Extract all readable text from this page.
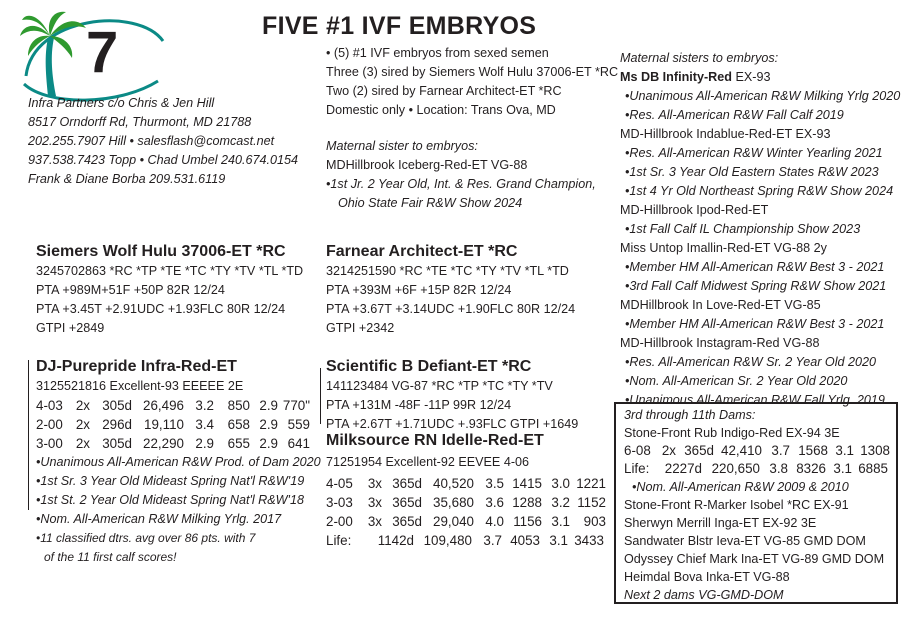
7	FIVE #1 IVF EMBRYOS
Infra Partners c/o Chris & Jen Hill
8517 Orndorff Rd, Thurmont, MD 21788
202.255.7907 Hill • salesflash@comcast.net
937.538.7423 Topp • Chad Umbel 240.674.0154
Frank & Diane Borba 209.531.6119
• (5) #1 IVF embryos from sexed semen
Three (3) sired by Siemers Wolf Hulu 37006-ET *RC
Two (2) sired by Farnear Architect-ET *RC
Domestic only • Location: Trans Ova, MD
Maternal sister to embryos:
MDHillbrook Iceberg-Red-ET VG-88
•1st Jr. 2 Year Old, Int. & Res. Grand Champion,
Ohio State Fair R&W Show 2024
Siemers Wolf Hulu 37006-ET *RC
3245702863 *RC *TP *TE *TC *TY *TV *TL *TD
PTA +989M+51F +50P 82R 12/24
PTA +3.45T +2.91UDC +1.93FLC 80R 12/24
GTPI +2849
Farnear Architect-ET *RC
3214251590 *RC *TE *TC *TY *TV *TL *TD
PTA +393M +6F +15P 82R 12/24
PTA +3.67T +3.14UDC +1.90FLC 80R 12/24
GTPI +2342
DJ-Purepride Infra-Red-ET
3125521816 Excellent-93 EEEEE 2E
4-03 2x 305d 26,496 3.2	850 2.9 770"
2-00 2x 296d 19,110 3.4	658 2.9 559
3-00 2x 305d 22,290 2.9	655 2.9 641
•Unanimous All-American R&W Prod. of Dam 2020
•1st Sr. 3 Year Old Mideast Spring Nat'l R&W'19
•1st St. 2 Year Old Mideast Spring Nat'l R&W'18
•Nom. All-American R&W Milking Yrlg. 2017
•11 classified dtrs. avg over 86 pts. with 7
of the 11 first calf scores!
Scientific B Defiant-ET *RC
141123484 VG-87 *RC *TP *TC *TY *TV
PTA +131M -48F -11P 99R 12/24
PTA +2.67T +1.71UDC +.93FLC GTPI +1649
Milksource RN Idelle-Red-ET
71251954 Excellent-92 EEVEE 4-06
4-05	3x 365d 40,520 3.5 1415 3.0 1221
3-03	3x 365d 35,680 3.6 1288 3.2 1152
2-00	3x 365d 29,040 4.0 1156 3.1	903
Life:	1142d 109,480 3.7 4053 3.1 3433
Maternal sisters to embryos:
Ms DB Infinity-Red EX-93
•Unanimous All-American R&W Milking Yrlg 2020
•Res. All-American R&W Fall Calf 2019
MD-Hillbrook Indablue-Red-ET EX-93
•Res. All-American R&W Winter Yearling 2021
•1st Sr. 3 Year Old Eastern States R&W 2023
•1st 4 Yr Old Northeast Spring R&W Show 2024
MD-Hillbrook Ipod-Red-ET
•1st Fall Calf IL Championship Show 2023
Miss Untop Imallin-Red-ET VG-88 2y
•Member HM All-American R&W Best 3 - 2021
•3rd Fall Calf Midwest Spring R&W Show 2021
MDHillbrook In Love-Red-ET VG-85
•Member HM All-American R&W Best 3 - 2021
MD-Hillbrook Instagram-Red VG-88
•Res. All-American R&W Sr. 2 Year Old 2020
•Nom. All-American Sr. 2 Year Old 2020
•Unanimous All-American R&W Fall Yrlg. 2019
3rd through 11th Dams:
Stone-Front Rub Indigo-Red EX-94 3E
6-08 2x 365d 42,410 3.7 1568 3.1 1308
Life:	2227d 220,650 3.8 8326 3.1 6885
•Nom. All-American R&W 2009 & 2010
Stone-Front R-Marker Isobel *RC EX-91
Sherwyn Merrill Inga-ET EX-92 3E
Sandwater Blstr Ieva-ET VG-85 GMD DOM
Odyssey Chief Mark Ina-ET VG-89 GMD DOM
Heimdal Bova Inka-ET VG-88
Next 2 dams VG-GMD-DOM
